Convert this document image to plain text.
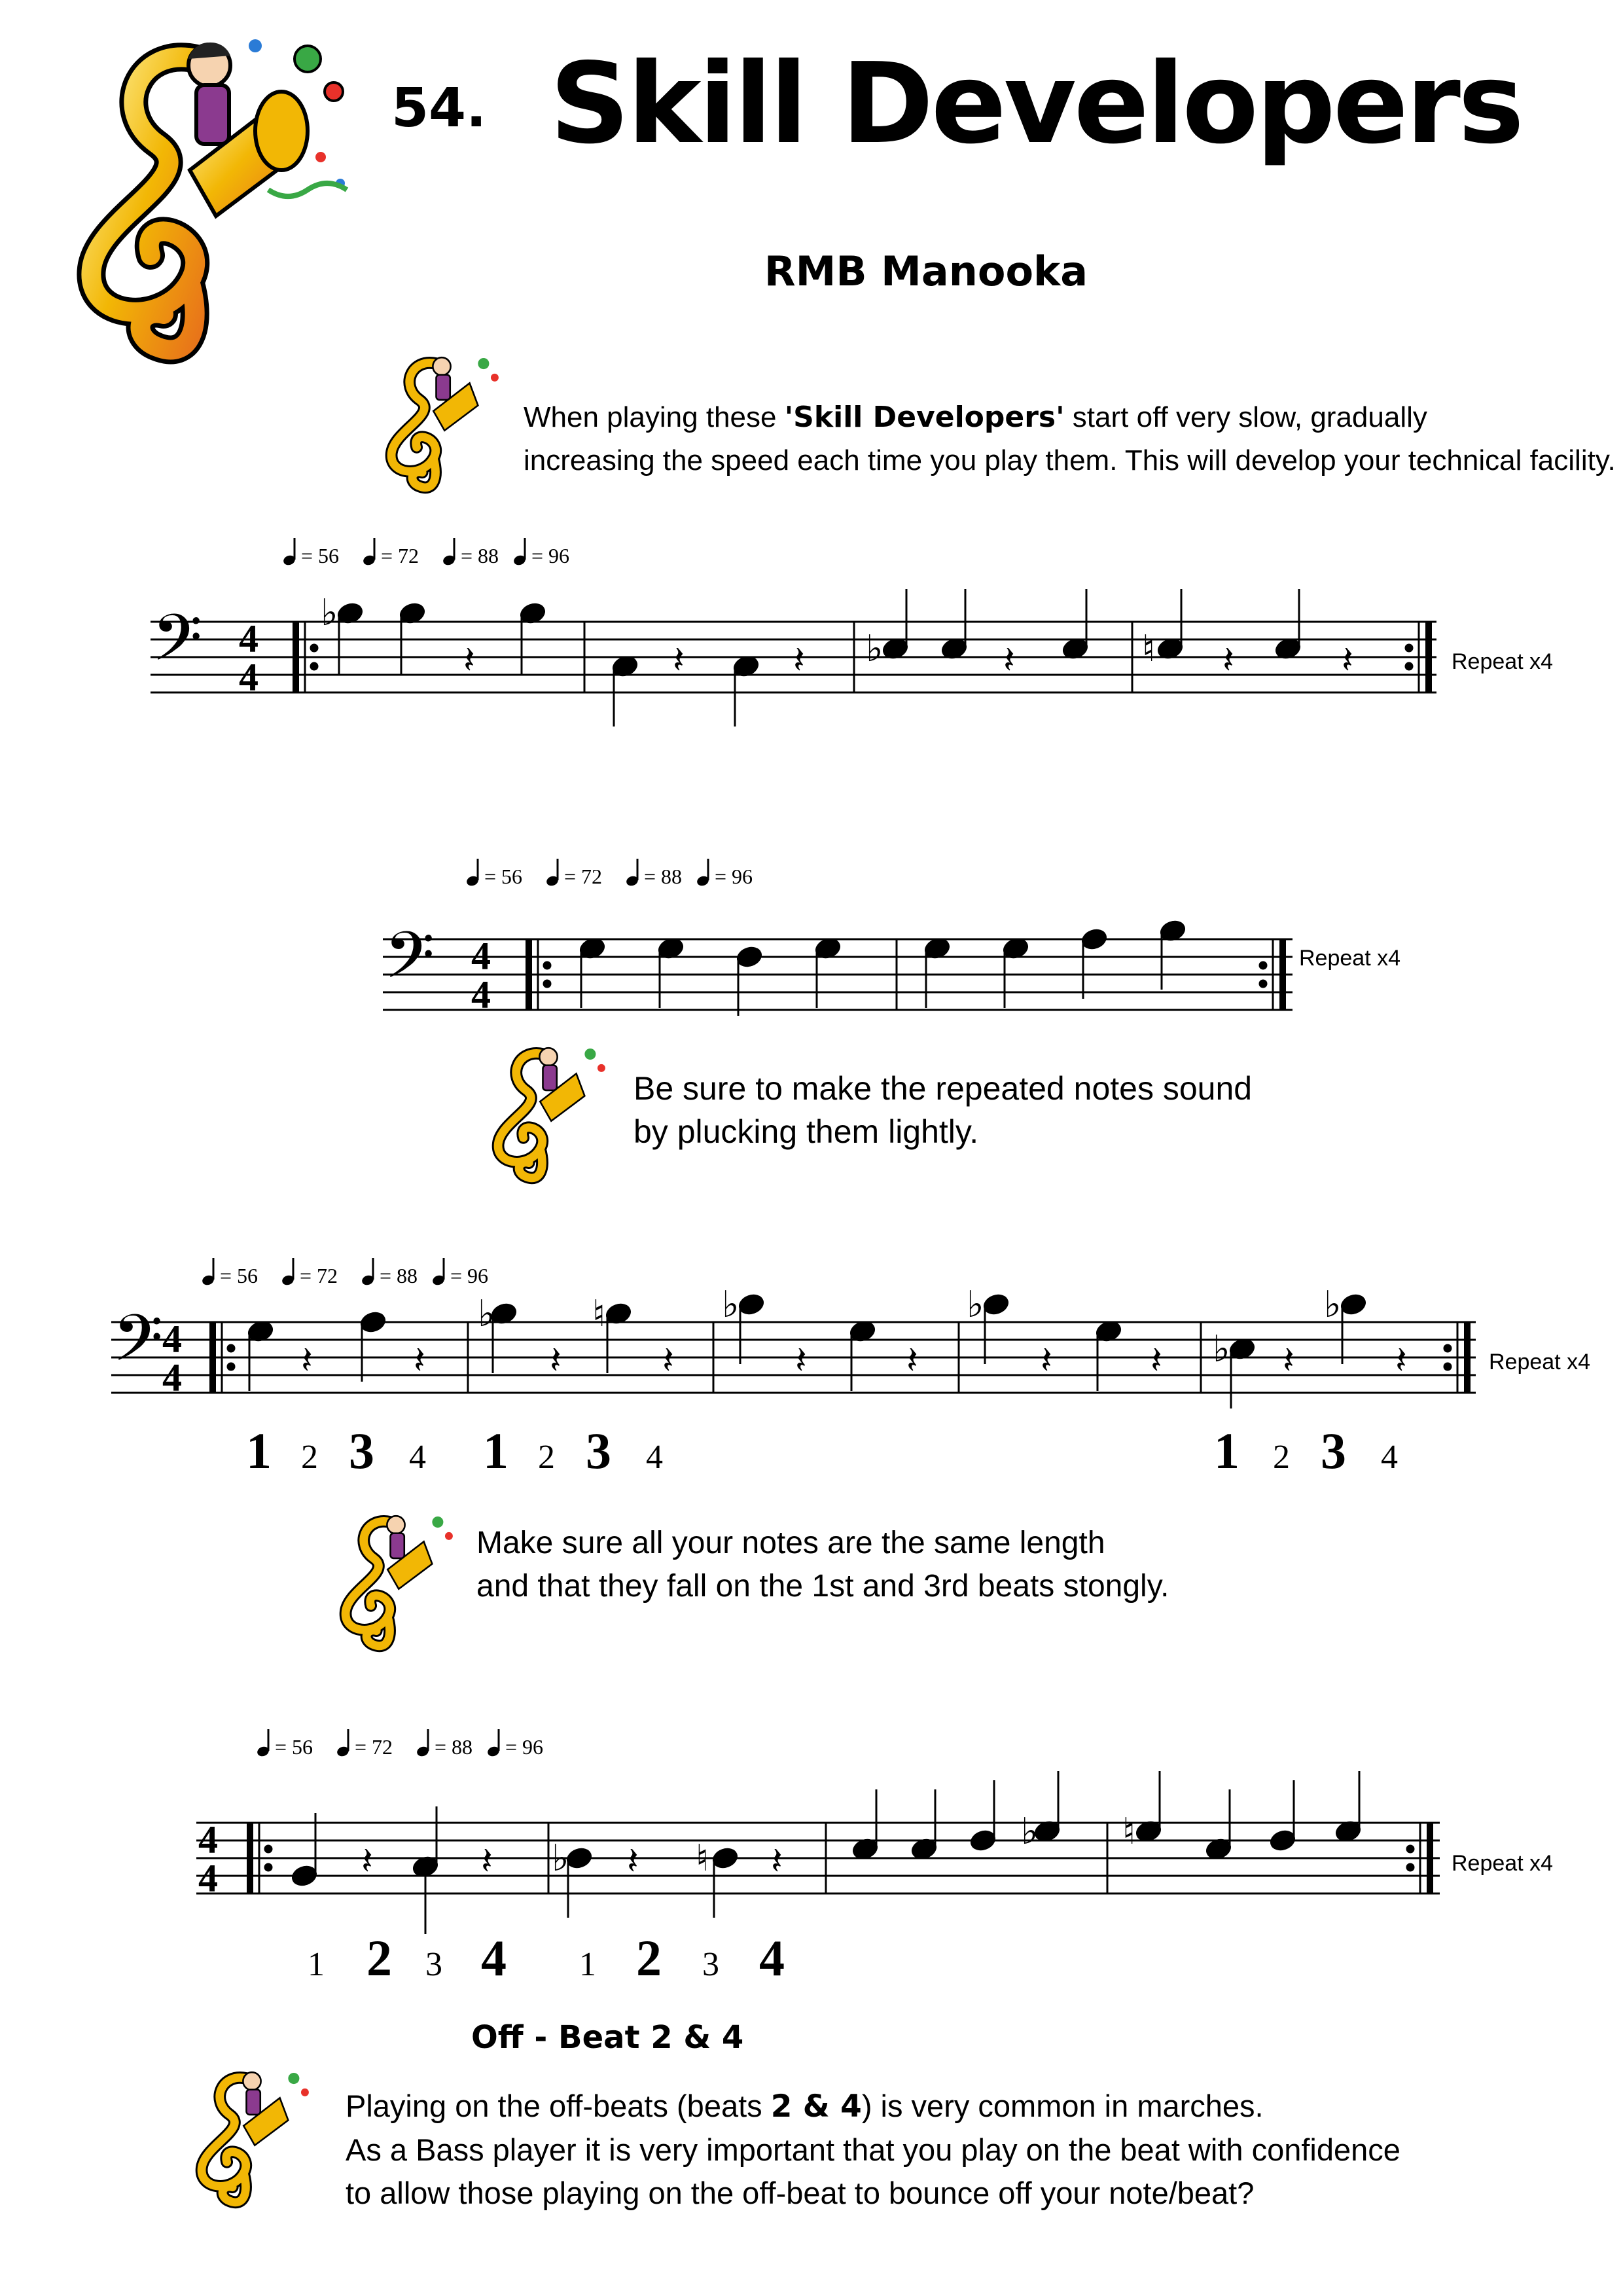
54. Skill Developers
RMB Manooka
When playing these 'Skill Developers' start off very slow, gradually
increasing the speed each time you play them. This will develop your technical facility.
= 56 = 72 = 88 = 96
𝄢 4
4
♭
𝄽	𝄽	𝄽 ♭	𝄽	♮ 𝄽	𝄽	Repeat x4
= 56 = 72 = 88 = 96
𝄢 4
4
Repeat x4
Be sure to make the repeated notes sound
by plucking them lightly.
= 56 = 72 = 88 = 96
𝄢
4
4	𝄽	𝄽
♭
𝄽
♮
𝄽
♭
𝄽	𝄽
♭
𝄽	𝄽 ♭ 𝄽
♭
𝄽	Repeat x4
1 2 3 4 1 2 3 4	1 2 3 4
Make sure all your notes are the same length
and that they fall on the 1st and 3rd beats stongly.
= 56 = 72 = 88 = 96
4
4	𝄽	𝄽 ♭ 𝄽 ♮ 𝄽
♭ ♮
Repeat x4
1 2 3 4 1 2 3 4
Off - Beat 2 & 4
Playing on the off-beats (beats 2 & 4) is very common in marches.
As a Bass player it is very important that you play on the beat with confidence
to allow those playing on the off-beat to bounce off your note/beat?
